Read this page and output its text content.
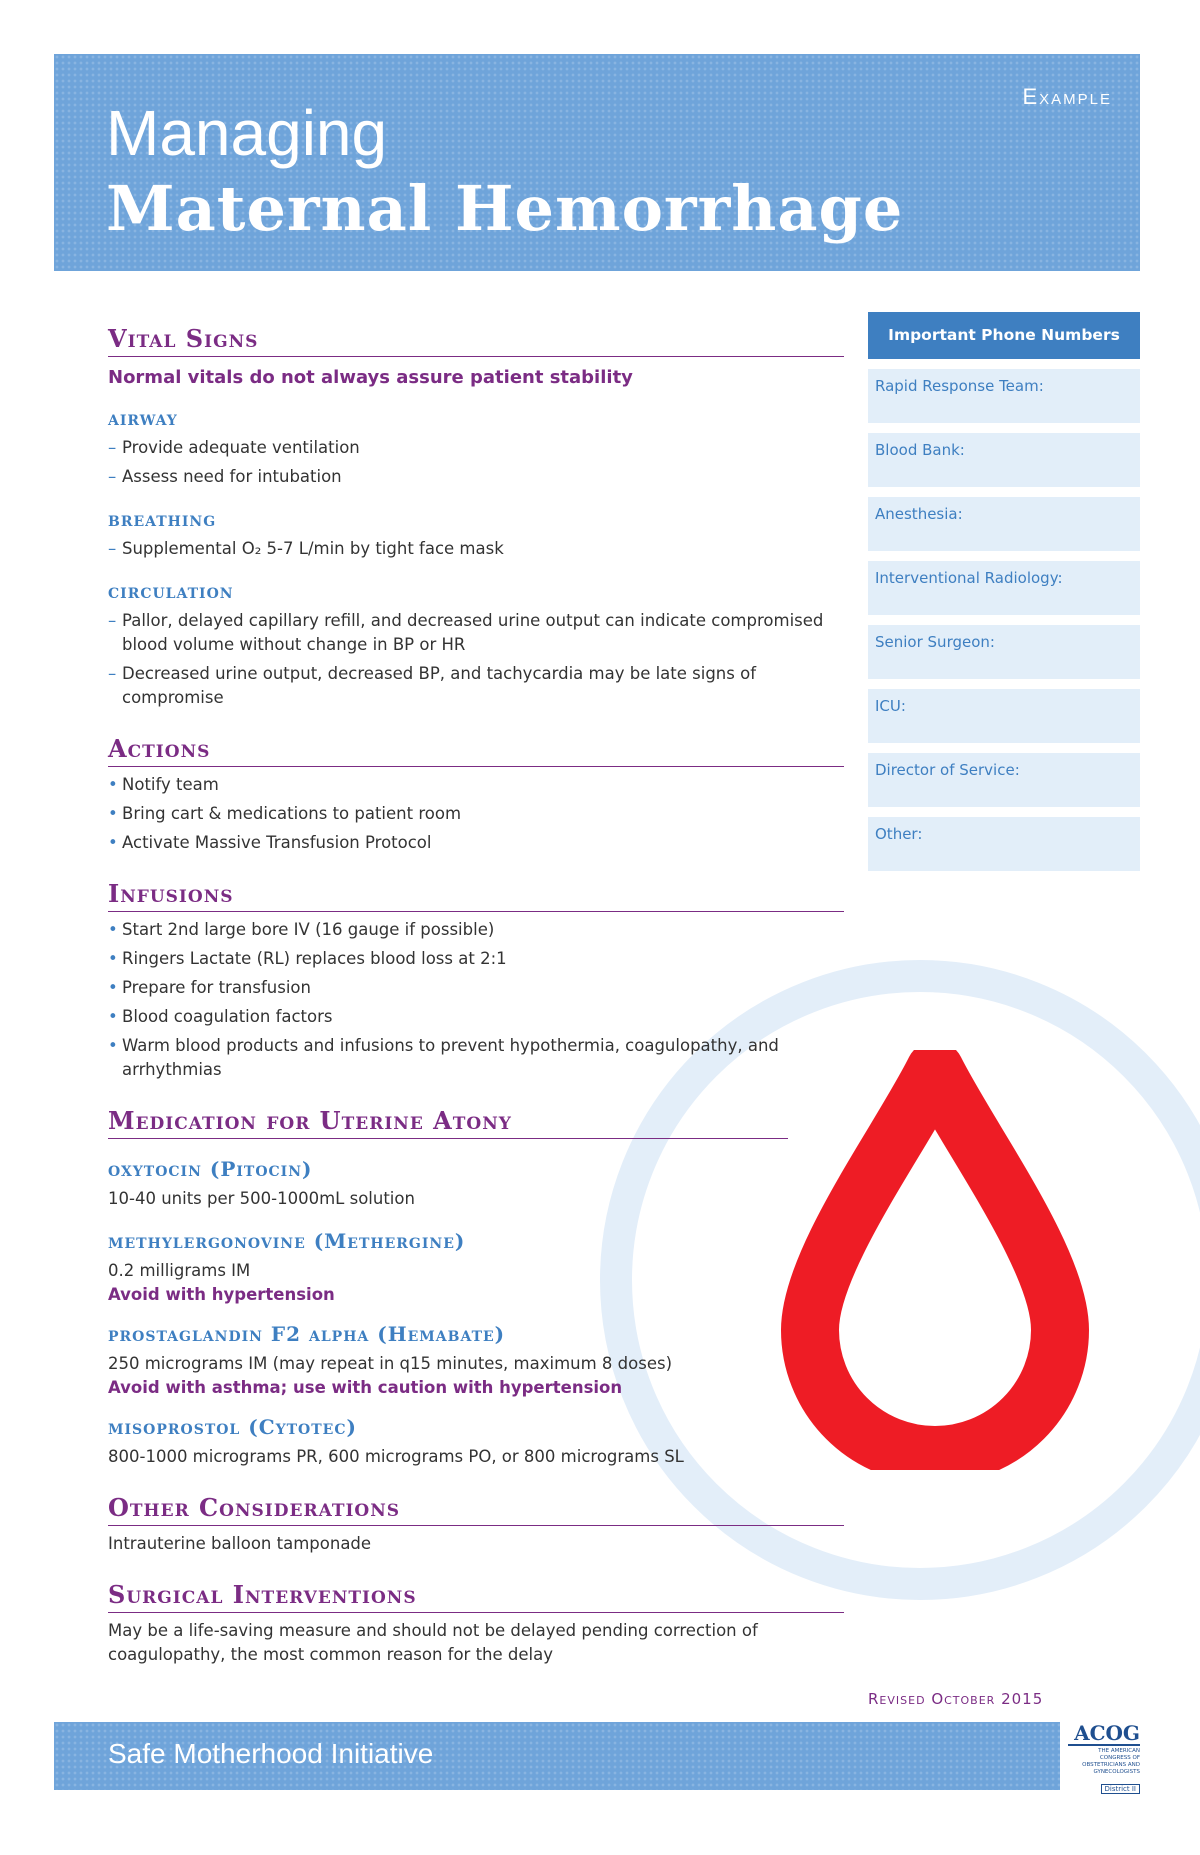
Example
Managing
Maternal Hemorrhage
Vital Signs
Normal vitals do not always assure patient stability
airway
– Provide adequate ventilation
– Assess need for intubation
breathing
– Supplemental O₂ 5-7 L/min by tight face mask
circulation
– Pallor, delayed capillary refill, and decreased urine output can indicate compromised blood volume without change in BP or HR
– Decreased urine output, decreased BP, and tachycardia may be late signs of compromise
Actions
• Notify team
• Bring cart & medications to patient room
• Activate Massive Transfusion Protocol
Infusions
• Start 2nd large bore IV (16 gauge if possible)
• Ringers Lactate (RL) replaces blood loss at 2:1
• Prepare for transfusion
• Blood coagulation factors
• Warm blood products and infusions to prevent hypothermia, coagulopathy, and arrhythmias
Medication for Uterine Atony
oxytocin (Pitocin)
10-40 units per 500-1000mL solution
methylergonovine (Methergine)
0.2 milligrams IM
Avoid with hypertension
prostaglandin F2 alpha (Hemabate)
250 micrograms IM (may repeat in q15 minutes, maximum 8 doses)
Avoid with asthma; use with caution with hypertension
misoprostol (Cytotec)
800-1000 micrograms PR, 600 micrograms PO, or 800 micrograms SL
Other Considerations
Intrauterine balloon tamponade
Surgical Interventions
May be a life-saving measure and should not be delayed pending correction of coagulopathy, the most common reason for the delay
Important Phone Numbers
Rapid Response Team:
Blood Bank:
Anesthesia:
Interventional Radiology:
Senior Surgeon:
ICU:
Director of Service:
Other:
Revised October 2015
Safe Motherhood Initiative
ACOG
THE AMERICAN CONGRESS OF OBSTETRICIANS AND GYNECOLOGISTS
District II
